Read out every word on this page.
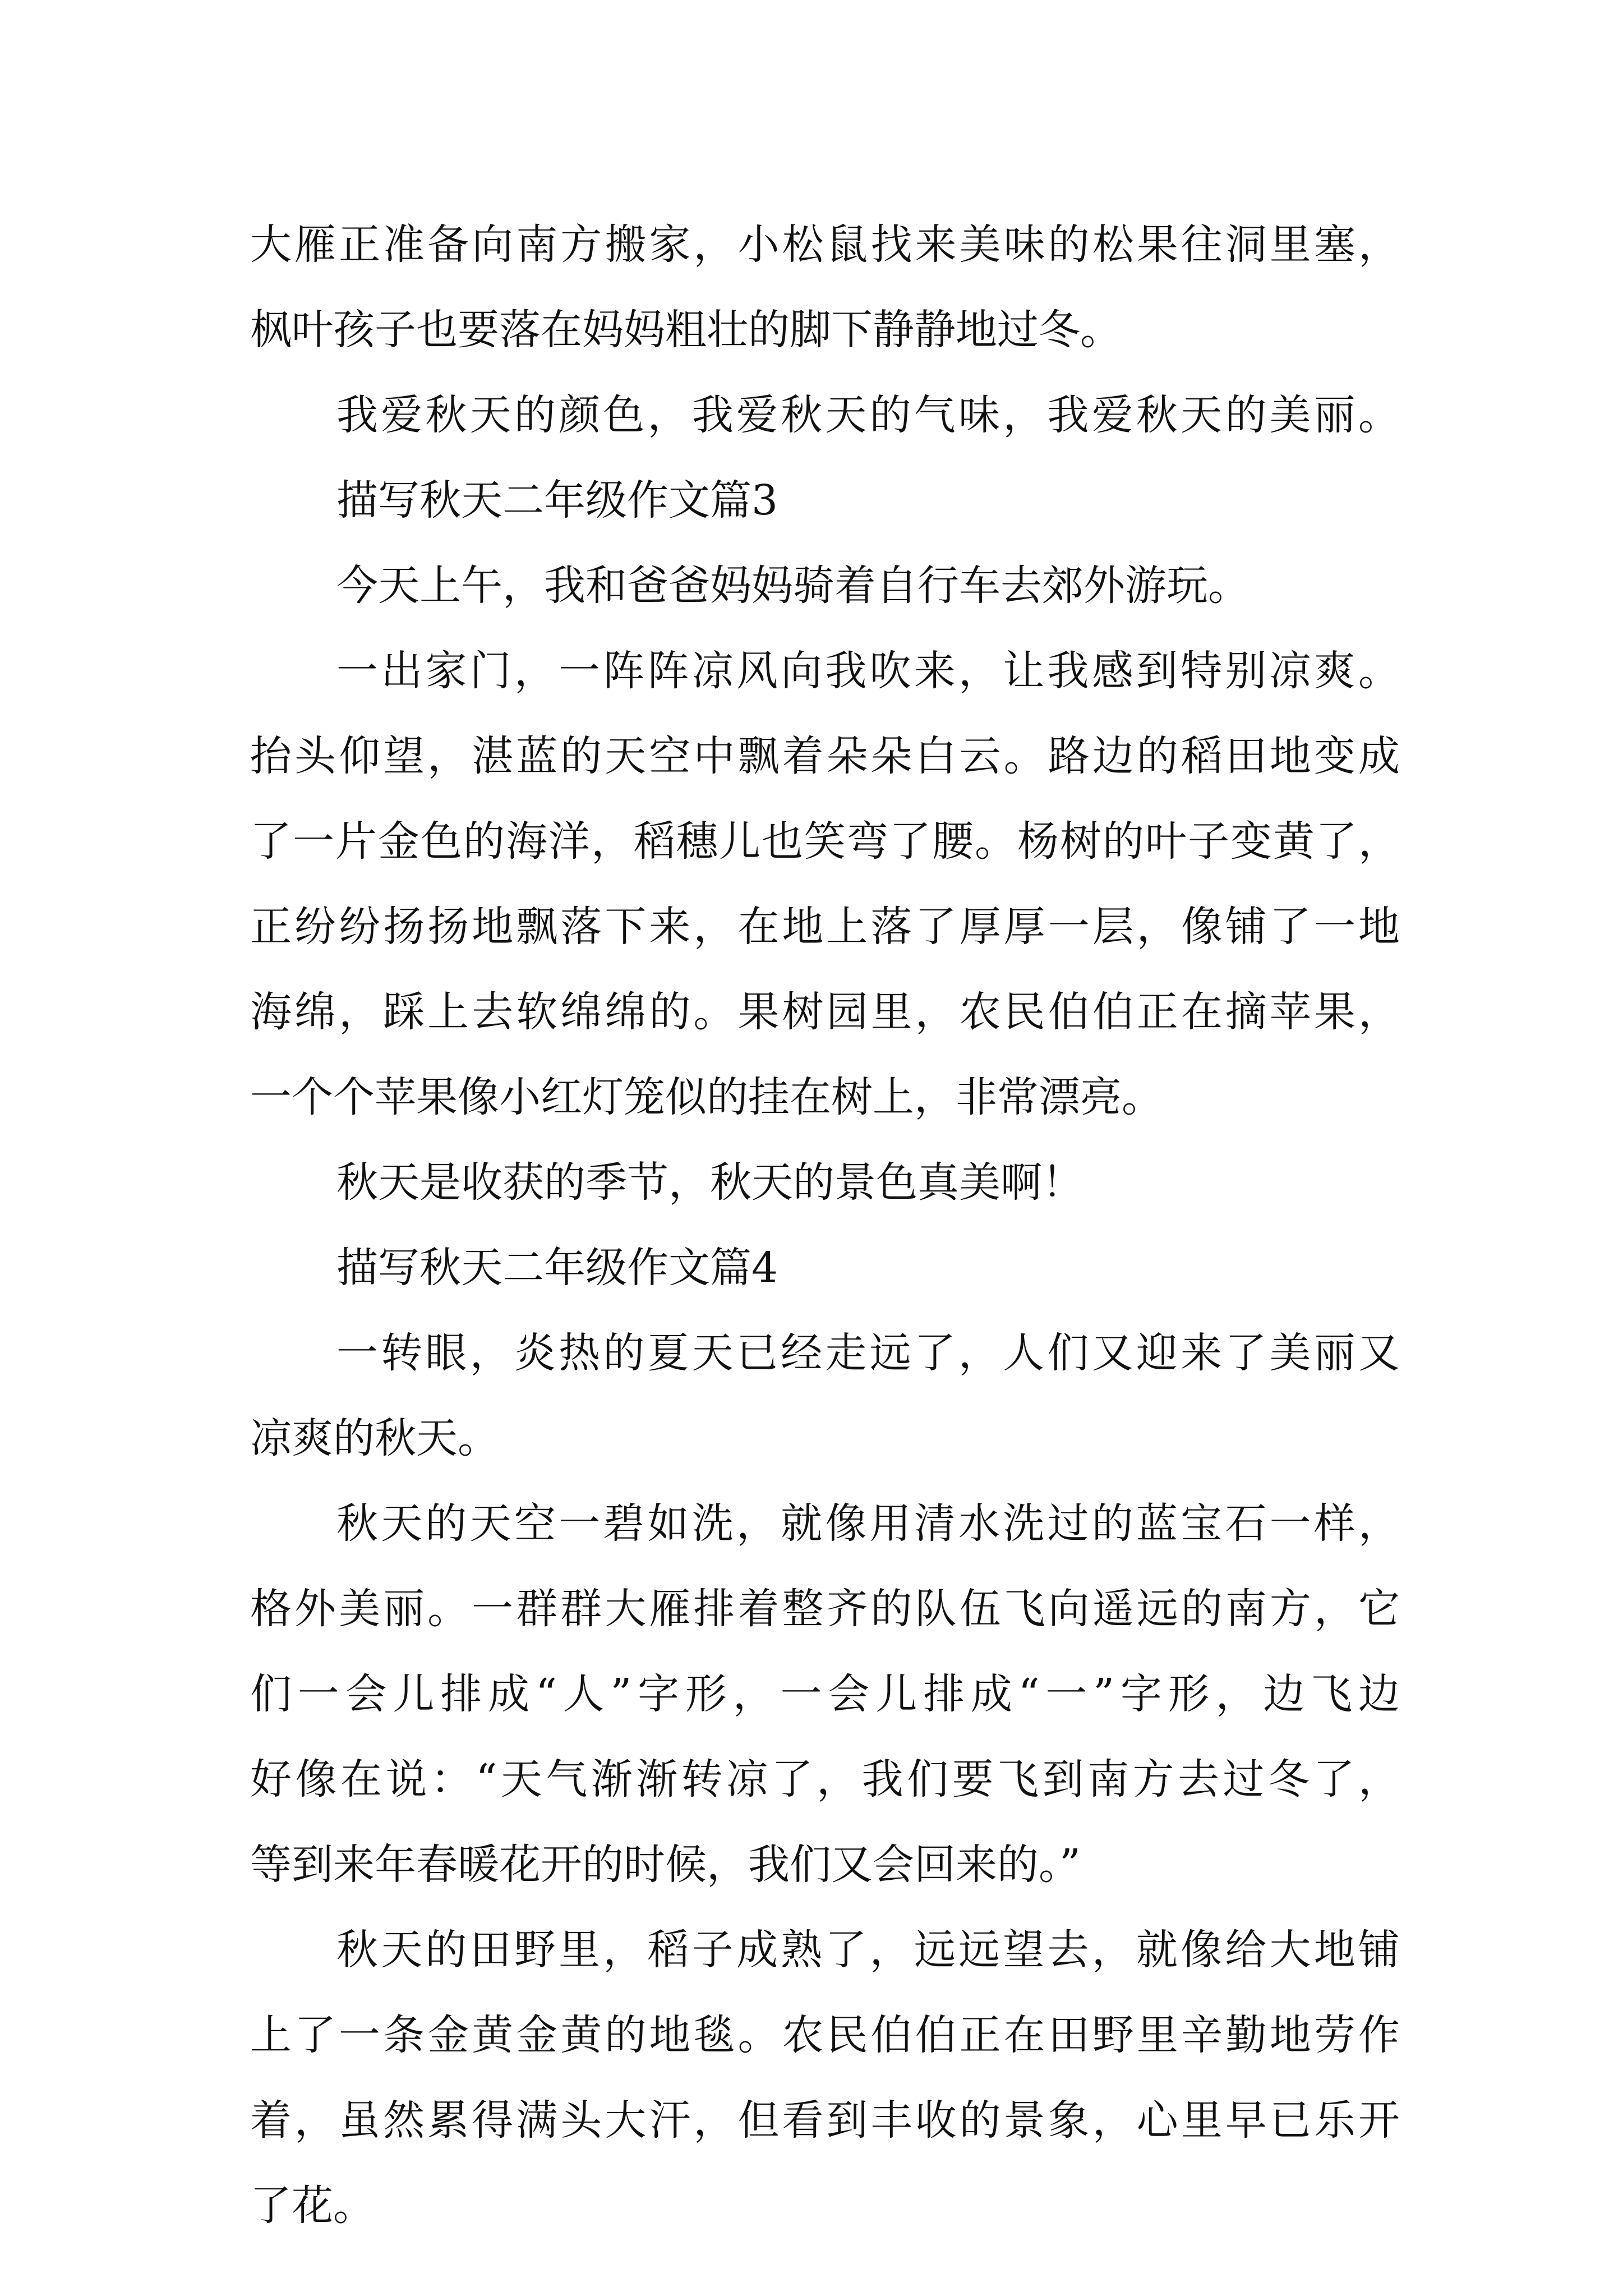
大雁正准备向南方搬家，小松鼠找来美味的松果往洞里塞，
枫叶孩子也要落在妈妈粗壮的脚下静静地过冬。
我爱秋天的颜色，我爱秋天的气味，我爱秋天的美丽。
描写秋天二年级作文篇3
今天上午，我和爸爸妈妈骑着自行车去郊外游玩。
一出家门，一阵阵凉风向我吹来，让我感到特别凉爽。
抬头仰望，湛蓝的天空中飘着朵朵白云。路边的稻田地变成
了一片金色的海洋，稻穗儿也笑弯了腰。杨树的叶子变黄了，
正纷纷扬扬地飘落下来，在地上落了厚厚一层，像铺了一地
海绵，踩上去软绵绵的。果树园里，农民伯伯正在摘苹果，
一个个苹果像小红灯笼似的挂在树上，非常漂亮。
秋天是收获的季节，秋天的景色真美啊！
描写秋天二年级作文篇4
一转眼，炎热的夏天已经走远了，人们又迎来了美丽又
凉爽的秋天。
秋天的天空一碧如洗，就像用清水洗过的蓝宝石一样，
格外美丽。一群群大雁排着整齐的队伍飞向遥远的南方，它
们一会儿排成“人”字形，一会儿排成“一”字形，边飞边
好像在说：“天气渐渐转凉了，我们要飞到南方去过冬了，
等到来年春暖花开的时候，我们又会回来的。”
秋天的田野里，稻子成熟了，远远望去，就像给大地铺
上了一条金黄金黄的地毯。农民伯伯正在田野里辛勤地劳作
着，虽然累得满头大汗，但看到丰收的景象，心里早已乐开
了花。
